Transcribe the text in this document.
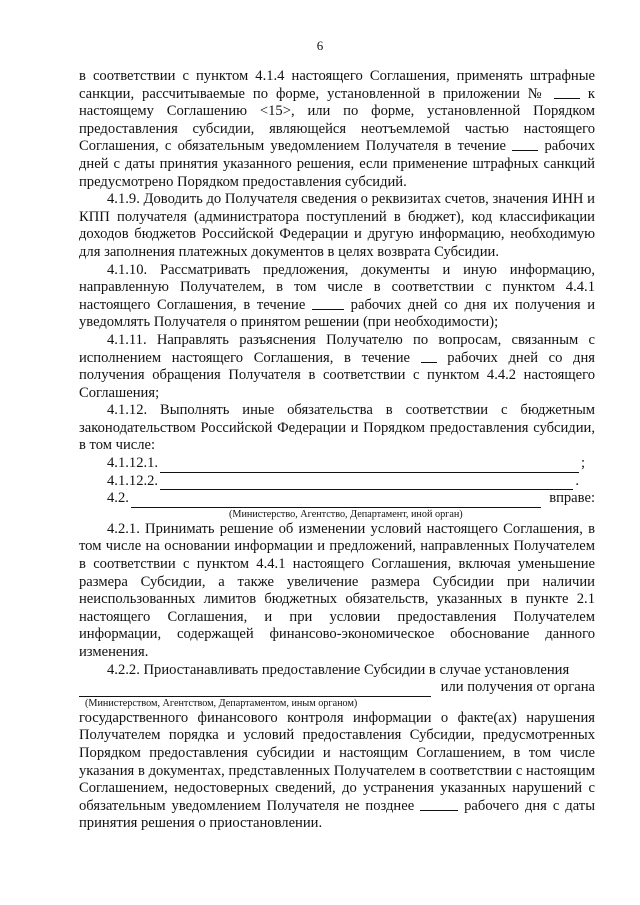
6

в соответствии с пунктом 4.1.4 настоящего Соглашения, применять штрафные санкции, рассчитываемые по форме, установленной в приложении №	к настоящему Соглашению <15>, или по форме, установленной Порядком предоставления субсидии, являющейся неотъемлемой частью настоящего Соглашения, с обязательным уведомлением Получателя в течение	рабочих дней с даты принятия указанного решения, если применение штрафных санкций предусмотрено Порядком предоставления субсидий.

4.1.9. Доводить до Получателя сведения о реквизитах счетов, значения ИНН и КПП получателя (администратора поступлений в бюджет), код классификации доходов бюджетов Российской Федерации и другую информацию, необходимую для заполнения платежных документов в целях возврата Субсидии.

4.1.10. Рассматривать предложения, документы и иную информацию, направленную Получателем, в том числе в соответствии с пунктом 4.4.1 настоящего Соглашения, в течение	рабочих дней со дня их получения и уведомлять Получателя о принятом решении (при необходимости);

4.1.11. Направлять разъяснения Получателю по вопросам, связанным с исполнением настоящего Соглашения, в течение	рабочих дней со дня получения обращения Получателя в соответствии с пунктом 4.4.2 настоящего Соглашения;

4.1.12. Выполнять иные обязательства в соответствии с бюджетным законодательством Российской Федерации и Порядком предоставления субсидии, в том числе:

4.1.12.1.	;
4.1.12.2.	.
4.2.	вправе:
(Министерство, Агентство, Департамент, иной орган)

4.2.1. Принимать решение об изменении условий настоящего Соглашения, в том числе на основании информации и предложений, направленных Получателем в соответствии с пунктом 4.4.1 настоящего Соглашения, включая уменьшение размера Субсидии, а также увеличение размера Субсидии при наличии неиспользованных лимитов бюджетных обязательств, указанных в пункте 2.1 настоящего Соглашения, и при условии предоставления Получателем информации, содержащей финансово-экономическое обоснование данного изменения.

4.2.2. Приостанавливать предоставление Субсидии в случае установления

или получения от органа
(Министерством, Агентством, Департаментом, иным органом)

государственного финансового контроля информации о факте(ах) нарушения Получателем порядка и условий предоставления Субсидии, предусмотренных Порядком предоставления субсидии и настоящим Соглашением, в том числе указания в документах, представленных Получателем в соответствии с настоящим Соглашением, недостоверных сведений, до устранения указанных нарушений с обязательным уведомлением Получателя не позднее	рабочего дня с даты принятия решения о приостановлении.
